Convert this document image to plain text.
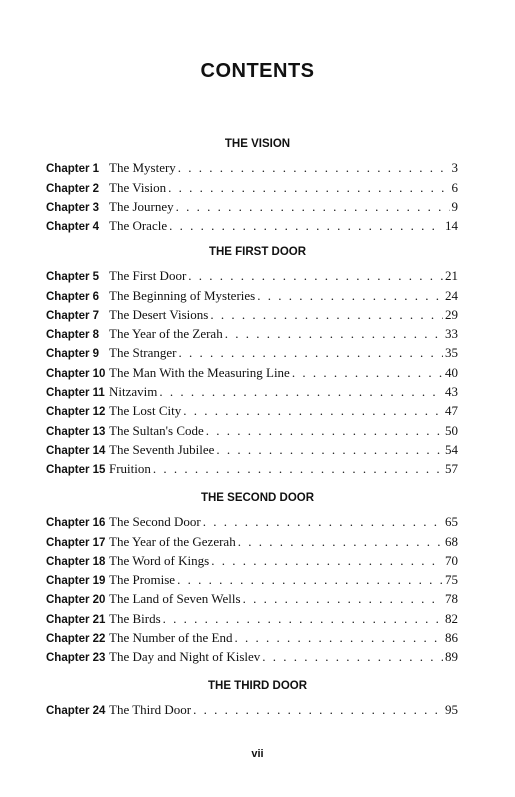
CONTENTS
THE VISION
Chapter 1 The Mystery . . .	3
Chapter 2 The Vision . . .	6
Chapter 3 The Journey . . .	9
Chapter 4 The Oracle . . .	14
THE FIRST DOOR
Chapter 5 The First Door . . .	21
Chapter 6 The Beginning of Mysteries . . .	24
Chapter 7 The Desert Visions . . .	29
Chapter 8 The Year of the Zerah . . .	33
Chapter 9 The Stranger . . .	35
Chapter 10 The Man With the Measuring Line . . .	40
Chapter 11 Nitzavim . . .	43
Chapter 12 The Lost City . . .	47
Chapter 13 The Sultan's Code . . .	50
Chapter 14 The Seventh Jubilee . . .	54
Chapter 15 Fruition . . .	57
THE SECOND DOOR
Chapter 16 The Second Door . . .	65
Chapter 17 The Year of the Gezerah . . .	68
Chapter 18 The Word of Kings . . .	70
Chapter 19 The Promise . . .	75
Chapter 20 The Land of Seven Wells . . .	78
Chapter 21 The Birds . . .	82
Chapter 22 The Number of the End . . .	86
Chapter 23 The Day and Night of Kislev . . .	89
THE THIRD DOOR
Chapter 24 The Third Door . . .	95
vii
